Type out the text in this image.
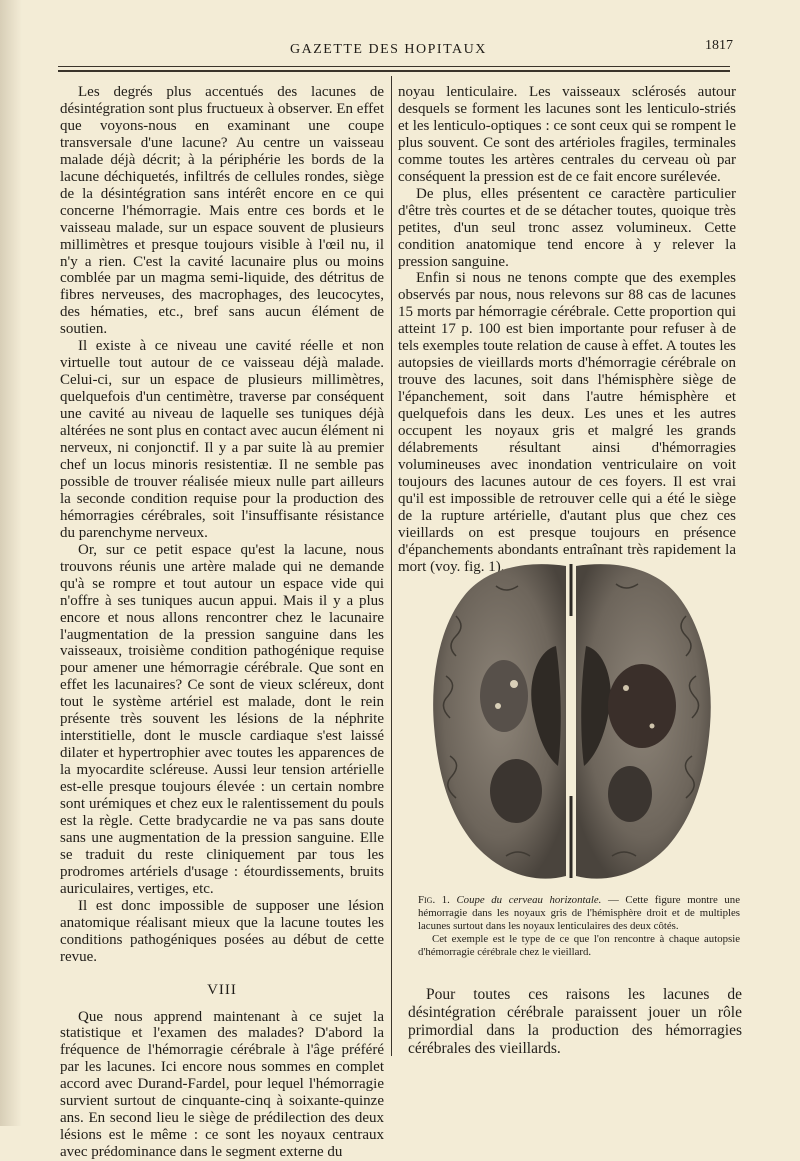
GAZETTE DES HOPITAUX	1817

Les degrés plus accentués des lacunes de désintégration sont plus fructueux à observer. En effet que voyons-nous en examinant une coupe transversale d'une lacune? Au centre un vaisseau malade déjà décrit; à la périphérie les bords de la lacune déchiquetés, infiltrés de cellules rondes, siège de la désintégration sans intérêt encore en ce qui concerne l'hémorragie. Mais entre ces bords et le vaisseau malade, sur un espace souvent de plusieurs millimètres et presque toujours visible à l'œil nu, il n'y a rien. C'est la cavité lacunaire plus ou moins comblée par un magma semi-liquide, des détritus de fibres nerveuses, des macrophages, des leucocytes, des hématies, etc., bref sans aucun élément de soutien.

Il existe à ce niveau une cavité réelle et non virtuelle tout autour de ce vaisseau déjà malade. Celui-ci, sur un espace de plusieurs millimètres, quelquefois d'un centimètre, traverse par conséquent une cavité au niveau de laquelle ses tuniques déjà altérées ne sont plus en contact avec aucun élément ni nerveux, ni conjonctif. Il y a par suite là au premier chef un locus minoris resistentiæ. Il ne semble pas possible de trouver réalisée mieux nulle part ailleurs la seconde condition requise pour la production des hémorragies cérébrales, soit l'insuffisante résistance du parenchyme nerveux.

Or, sur ce petit espace qu'est la lacune, nous trouvons réunis une artère malade qui ne demande qu'à se rompre et tout autour un espace vide qui n'offre à ses tuniques aucun appui. Mais il y a plus encore et nous allons rencontrer chez le lacunaire l'augmentation de la pression sanguine dans les vaisseaux, troisième condition pathogénique requise pour amener une hémorragie cérébrale. Que sont en effet les lacunaires? Ce sont de vieux scléreux, dont tout le système artériel est malade, dont le rein présente très souvent les lésions de la néphrite interstitielle, dont le muscle cardiaque s'est laissé dilater et hypertrophier avec toutes les apparences de la myocardite scléreuse. Aussi leur tension artérielle est-elle presque toujours élevée : un certain nombre sont urémiques et chez eux le ralentissement du pouls est la règle. Cette bradycardie ne va pas sans doute sans une augmentation de la pression sanguine. Elle se traduit du reste cliniquement par tous les prodromes artériels d'usage : étourdissements, bruits auriculaires, vertiges, etc.

Il est donc impossible de supposer une lésion anatomique réalisant mieux que la lacune toutes les conditions pathogéniques posées au début de cette revue.

VIII

Que nous apprend maintenant à ce sujet la statistique et l'examen des malades? D'abord la fréquence de l'hémorragie cérébrale à l'âge préféré par les lacunes. Ici encore nous sommes en complet accord avec Durand-Fardel, pour lequel l'hémorragie survient surtout de cinquante-cinq à soixante-quinze ans. En second lieu le siège de prédilection des deux lésions est le même : ce sont les noyaux centraux avec prédominance dans le segment externe du

noyau lenticulaire. Les vaisseaux sclérosés autour desquels se forment les lacunes sont les lenticulo-striés et les lenticulo-optiques : ce sont ceux qui se rompent le plus souvent. Ce sont des artérioles fragiles, terminales comme toutes les artères centrales du cerveau où par conséquent la pression est de ce fait encore surélevée.

De plus, elles présentent ce caractère particulier d'être très courtes et de se détacher toutes, quoique très petites, d'un seul tronc assez volumineux. Cette condition anatomique tend encore à y relever la pression sanguine.

Enfin si nous ne tenons compte que des exemples observés par nous, nous relevons sur 88 cas de lacunes 15 morts par hémorragie cérébrale. Cette proportion qui atteint 17 p. 100 est bien importante pour refuser à de tels exemples toute relation de cause à effet. A toutes les autopsies de vieillards morts d'hémorragie cérébrale on trouve des lacunes, soit dans l'hémisphère siège de l'épanchement, soit dans l'autre hémisphère et quelquefois dans les deux. Les unes et les autres occupent les noyaux gris et malgré les grands délabrements résultant ainsi d'hémorragies volumineuses avec inondation ventriculaire on voit toujours des lacunes autour de ces foyers. Il est vrai qu'il est impossible de retrouver celle qui a été le siège de la rupture artérielle, d'autant plus que chez ces vieillards on est presque toujours en présence d'épanchements abondants entraînant très rapidement la mort (voy. fig. 1).

Fig. 1. Coupe du cerveau horizontale. — Cette figure montre une hémorragie dans les noyaux gris de l'hémisphère droit et de multiples lacunes surtout dans les noyaux lenticulaires des deux côtés.

Cet exemple est le type de ce que l'on rencontre à chaque autopsie d'hémorragie cérébrale chez le vieillard.

Pour toutes ces raisons les lacunes de désintégration cérébrale paraissent jouer un rôle primordial dans la production des hémorragies cérébrales des vieillards.
